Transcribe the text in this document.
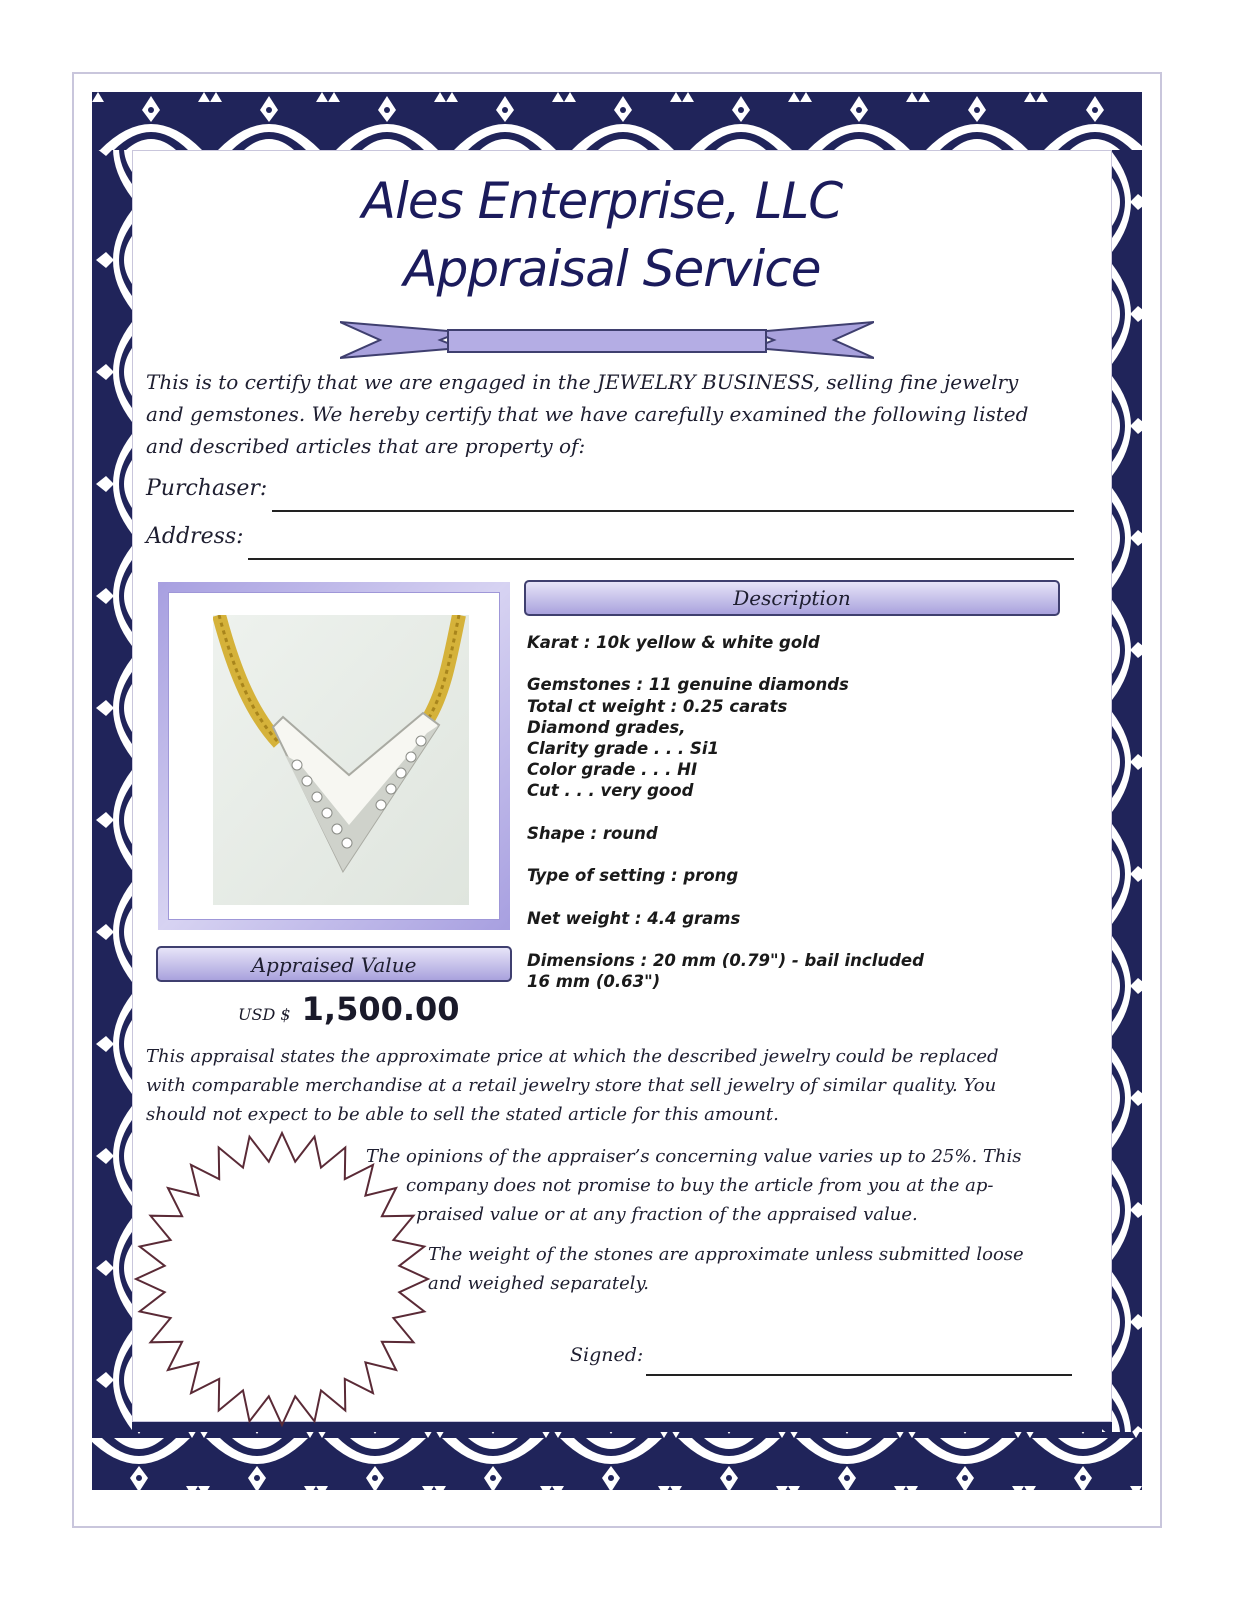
Ales Enterprise, LLC
Appraisal Service
This is to certify that we are engaged in the JEWELRY BUSINESS, selling fine jewelry
and gemstones. We hereby certify that we have carefully examined the following listed
and described articles that are property of:
Purchaser:
Address:
Description
Karat : 10k yellow & white gold
Gemstones : 11 genuine diamonds
Total ct weight : 0.25 carats
Diamond grades,
Clarity grade . . . Si1
Color grade . . . HI
Cut . . . very good
Shape : round
Type of setting : prong
Net weight : 4.4 grams
Dimensions : 20 mm (0.79") - bail included
16 mm (0.63")
Appraised Value
USD $ 1,500.00
This appraisal states the approximate price at which the described jewelry could be replaced
with comparable merchandise at a retail jewelry store that sell jewelry of similar quality. You
should not expect to be able to sell the stated article for this amount.
The opinions of the appraiser’s concerning value varies up to 25%. This
company does not promise to buy the article from you at the ap-
praised value or at any fraction of the appraised value.
The weight of the stones are approximate unless submitted loose
and weighed separately.
Signed:
